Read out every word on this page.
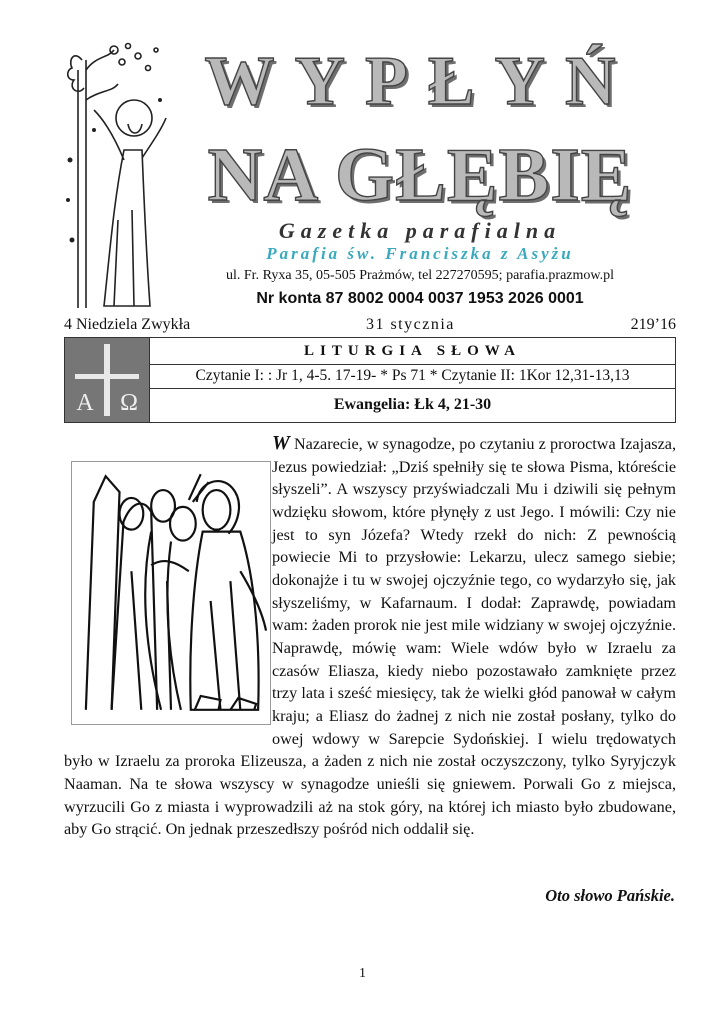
WYPŁYŃ
NA GŁĘBIĘ
Gazetka parafialna
Parafia św. Franciszka z Asyżu
ul. Fr. Ryxa 35, 05-505 Prażmów, tel 227270595; parafia.prazmow.pl
Nr konta 87 8002 0004 0037 1953 2026 0001
4 Niedziela Zwykła	31 stycznia	219’16
A Ω
LITURGIA SŁOWA
Czytanie I: : Jr 1, 4-5. 17-19- * Ps 71 * Czytanie II: 1Kor 12,31-13,13
Ewangelia: Łk 4, 21-30
W Nazarecie, w synagodze, po czytaniu z proroctwa Izajasza, Jezus powiedział: „Dziś spełniły się te słowa Pisma, któreście słyszeli”. A wszyscy przyświadczali Mu i dziwili się pełnym wdzięku słowom, które płynęły z ust Jego. I mówili: Czy nie jest to syn Józefa? Wtedy rzekł do nich: Z pewnością powiecie Mi to przysłowie: Lekarzu, ulecz samego siebie; dokonajże i tu w swojej ojczyźnie tego, co wydarzyło się, jak słyszeliśmy, w Kafarnaum. I dodał: Zaprawdę, powiadam wam: żaden prorok nie jest mile widziany w swojej ojczyźnie. Naprawdę, mówię wam: Wiele wdów było w Izraelu za czasów Eliasza, kiedy niebo pozostawało zamknięte przez trzy lata i sześć miesięcy, tak że wielki głód panował w całym kraju; a Eliasz do żadnej z nich nie został posłany, tylko do owej wdowy w Sarepcie Sydońskiej. I wielu trędowatych było w Izraelu za proroka Elizeusza, a żaden z nich nie został oczyszczony, tylko Syryjczyk Naaman. Na te słowa wszyscy w synagodze unieśli się gniewem. Porwali Go z miejsca, wyrzucili Go z miasta i wyprowadzili aż na stok góry, na której ich miasto było zbudowane, aby Go strącić. On jednak przeszedłszy pośród nich oddalił się.
Oto słowo Pańskie.
1
